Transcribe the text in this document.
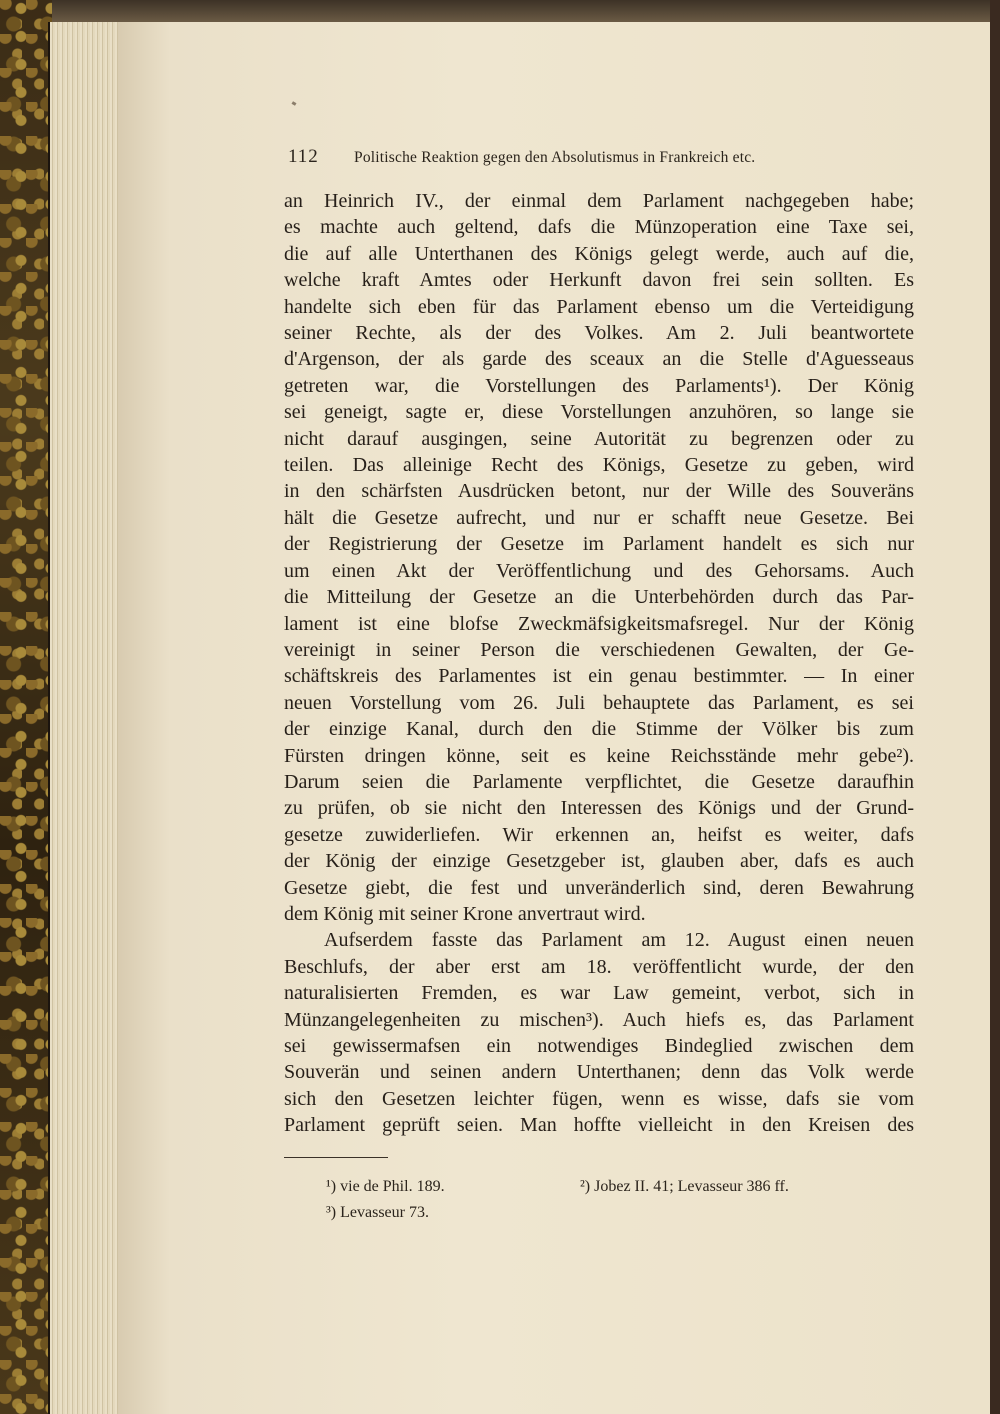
112	Politische Reaktion gegen den Absolutismus in Frankreich etc.

an Heinrich IV., der einmal dem Parlament nachgegeben habe;
es machte auch geltend, dafs die Münzoperation eine Taxe sei,
die auf alle Unterthanen des Königs gelegt werde, auch auf die,
welche kraft Amtes oder Herkunft davon frei sein sollten. Es
handelte sich eben für das Parlament ebenso um die Verteidigung
seiner Rechte, als der des Volkes. Am 2. Juli beantwortete
d'Argenson, der als garde des sceaux an die Stelle d'Aguesseaus
getreten war, die Vorstellungen des Parlaments¹). Der König
sei geneigt, sagte er, diese Vorstellungen anzuhören, so lange sie
nicht darauf ausgingen, seine Autorität zu begrenzen oder zu
teilen. Das alleinige Recht des Königs, Gesetze zu geben, wird
in den schärfsten Ausdrücken betont, nur der Wille des Souveräns
hält die Gesetze aufrecht, und nur er schafft neue Gesetze. Bei
der Registrierung der Gesetze im Parlament handelt es sich nur
um einen Akt der Veröffentlichung und des Gehorsams. Auch
die Mitteilung der Gesetze an die Unterbehörden durch das Par-
lament ist eine blofse Zweckmäfsigkeitsmafsregel. Nur der König
vereinigt in seiner Person die verschiedenen Gewalten, der Ge-
schäftskreis des Parlamentes ist ein genau bestimmter. — In einer
neuen Vorstellung vom 26. Juli behauptete das Parlament, es sei
der einzige Kanal, durch den die Stimme der Völker bis zum
Fürsten dringen könne, seit es keine Reichsstände mehr gebe²).
Darum seien die Parlamente verpflichtet, die Gesetze daraufhin
zu prüfen, ob sie nicht den Interessen des Königs und der Grund-
gesetze zuwiderliefen. Wir erkennen an, heifst es weiter, dafs
der König der einzige Gesetzgeber ist, glauben aber, dafs es auch
Gesetze giebt, die fest und unveränderlich sind, deren Bewahrung
dem König mit seiner Krone anvertraut wird.

Aufserdem fasste das Parlament am 12. August einen neuen
Beschlufs, der aber erst am 18. veröffentlicht wurde, der den
naturalisierten Fremden, es war Law gemeint, verbot, sich in
Münzangelegenheiten zu mischen³). Auch hiefs es, das Parlament
sei gewissermafsen ein notwendiges Bindeglied zwischen dem
Souverän und seinen andern Unterthanen; denn das Volk werde
sich den Gesetzen leichter fügen, wenn es wisse, dafs sie vom
Parlament geprüft seien. Man hoffte vielleicht in den Kreisen des

¹) vie de Phil. 189.	²) Jobez II. 41; Levasseur 386 ff.
³) Levasseur 73.
